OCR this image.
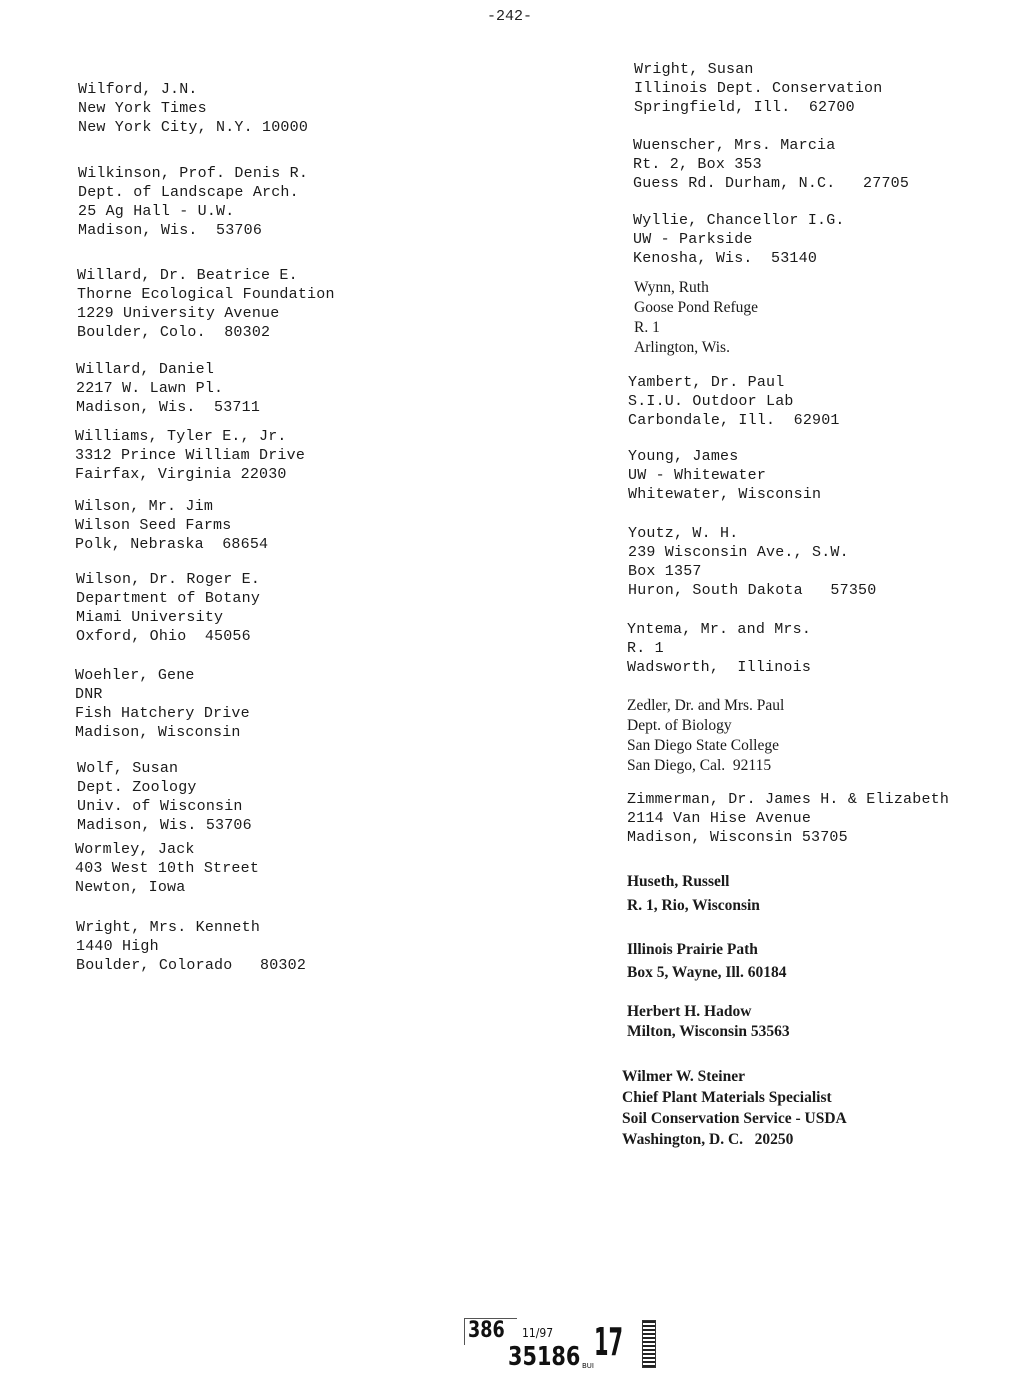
-242-
Wilford, J.N.
New York Times
New York City, N.Y. 10000
Wilkinson, Prof. Denis R.
Dept. of Landscape Arch.
25 Ag Hall - U.W.
Madison, Wis.  53706
Willard, Dr. Beatrice E.
Thorne Ecological Foundation
1229 University Avenue
Boulder, Colo.  80302
Willard, Daniel
2217 W. Lawn Pl.
Madison, Wis.  53711
Williams, Tyler E., Jr.
3312 Prince William Drive
Fairfax, Virginia 22030
Wilson, Mr. Jim
Wilson Seed Farms
Polk, Nebraska  68654
Wilson, Dr. Roger E.
Department of Botany
Miami University
Oxford, Ohio  45056
Woehler, Gene
DNR
Fish Hatchery Drive
Madison, Wisconsin
Wolf, Susan
Dept. Zoology
Univ. of Wisconsin
Madison, Wis. 53706
Wormley, Jack
403 West 10th Street
Newton, Iowa
Wright, Mrs. Kenneth
1440 High
Boulder, Colorado   80302
Wright, Susan
Illinois Dept. Conservation
Springfield, Ill.  62700
Wuenscher, Mrs. Marcia
Rt. 2, Box 353
Guess Rd. Durham, N.C.   27705
Wyllie, Chancellor I.G.
UW - Parkside
Kenosha, Wis.  53140
Wynn, Ruth
Goose Pond Refuge
R. 1
Arlington, Wis.
Yambert, Dr. Paul
S.I.U. Outdoor Lab
Carbondale, Ill.  62901
Young, James
UW - Whitewater
Whitewater, Wisconsin
Youtz, W. H.
239 Wisconsin Ave., S.W.
Box 1357
Huron, South Dakota   57350
Yntema, Mr. and Mrs.
R. 1
Wadsworth,  Illinois
Zedler, Dr. and Mrs. Paul
Dept. of Biology
San Diego State College
San Diego, Cal.  92115
Zimmerman, Dr. James H. & Elizabeth
2114 Van Hise Avenue
Madison, Wisconsin 53705
Huseth, Russell
R. 1, Rio, Wisconsin
Illinois Prairie Path
Box 5, Wayne, Ill. 60184
Herbert H. Hadow
Milton, Wisconsin 53563
Wilmer W. Steiner
Chief Plant Materials Specialist
Soil Conservation Service - USDA
Washington, D. C.   20250
386 11/97
35186 BUI
17
